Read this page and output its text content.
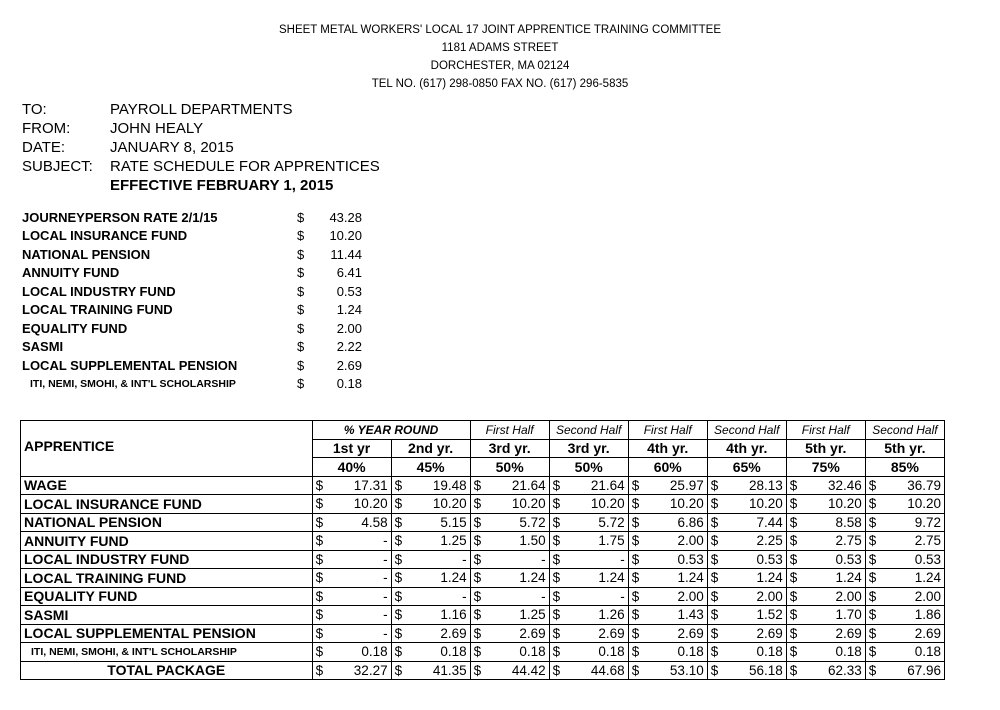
SHEET METAL WORKERS' LOCAL 17 JOINT APPRENTICE TRAINING COMMITTEE
1181 ADAMS STREET
DORCHESTER, MA 02124
TEL NO. (617) 298-0850 FAX NO. (617) 296-5835
TO:	PAYROLL DEPARTMENTS
FROM:	JOHN HEALY
DATE:	JANUARY 8, 2015
SUBJECT:	RATE SCHEDULE FOR APPRENTICES
EFFECTIVE FEBRUARY 1, 2015
JOURNEYPERSON RATE 2/1/15	$	43.28
LOCAL INSURANCE FUND	$	10.20
NATIONAL PENSION	$	11.44
ANNUITY FUND	$	6.41
LOCAL INDUSTRY FUND	$	0.53
LOCAL TRAINING FUND	$	1.24
EQUALITY FUND	$	2.00
SASMI	$	2.22
LOCAL SUPPLEMENTAL PENSION	$	2.69
ITI, NEMI, SMOHI, & INT'L SCHOLARSHIP	$	0.18
APPRENTICE	% YEAR ROUND				First Half		Second Half		First Half		Second Half		First Half		Second Half	
	1st yr		2nd yr.		3rd yr.		3rd yr.		4th yr.		4th yr.		5th yr.		5th yr.	
	40%		45%		50%		50%		60%		65%		75%		85%	
WAGE	$	17.31	$	19.48	$	21.64	$	21.64	$	25.97	$	28.13	$	32.46	$	36.79
LOCAL INSURANCE FUND	$	10.20	$	10.20	$	10.20	$	10.20	$	10.20	$	10.20	$	10.20	$	10.20
NATIONAL PENSION	$	4.58	$	5.15	$	5.72	$	5.72	$	6.86	$	7.44	$	8.58	$	9.72
ANNUITY FUND	$	-	$	1.25	$	1.50	$	1.75	$	2.00	$	2.25	$	2.75	$	2.75
LOCAL INDUSTRY FUND	$	-	$	-	$	-	$	-	$	0.53	$	0.53	$	0.53	$	0.53
LOCAL TRAINING FUND	$	-	$	1.24	$	1.24	$	1.24	$	1.24	$	1.24	$	1.24	$	1.24
EQUALITY FUND	$	-	$	-	$	-	$	-	$	2.00	$	2.00	$	2.00	$	2.00
SASMI	$	-	$	1.16	$	1.25	$	1.26	$	1.43	$	1.52	$	1.70	$	1.86
LOCAL SUPPLEMENTAL PENSION	$	-	$	2.69	$	2.69	$	2.69	$	2.69	$	2.69	$	2.69	$	2.69
ITI, NEMI, SMOHI, & INT'L SCHOLARSHIP	$	0.18	$	0.18	$	0.18	$	0.18	$	0.18	$	0.18	$	0.18	$	0.18
TOTAL PACKAGE	$	32.27	$	41.35	$	44.42	$	44.68	$	53.10	$	56.18	$	62.33	$	67.96
